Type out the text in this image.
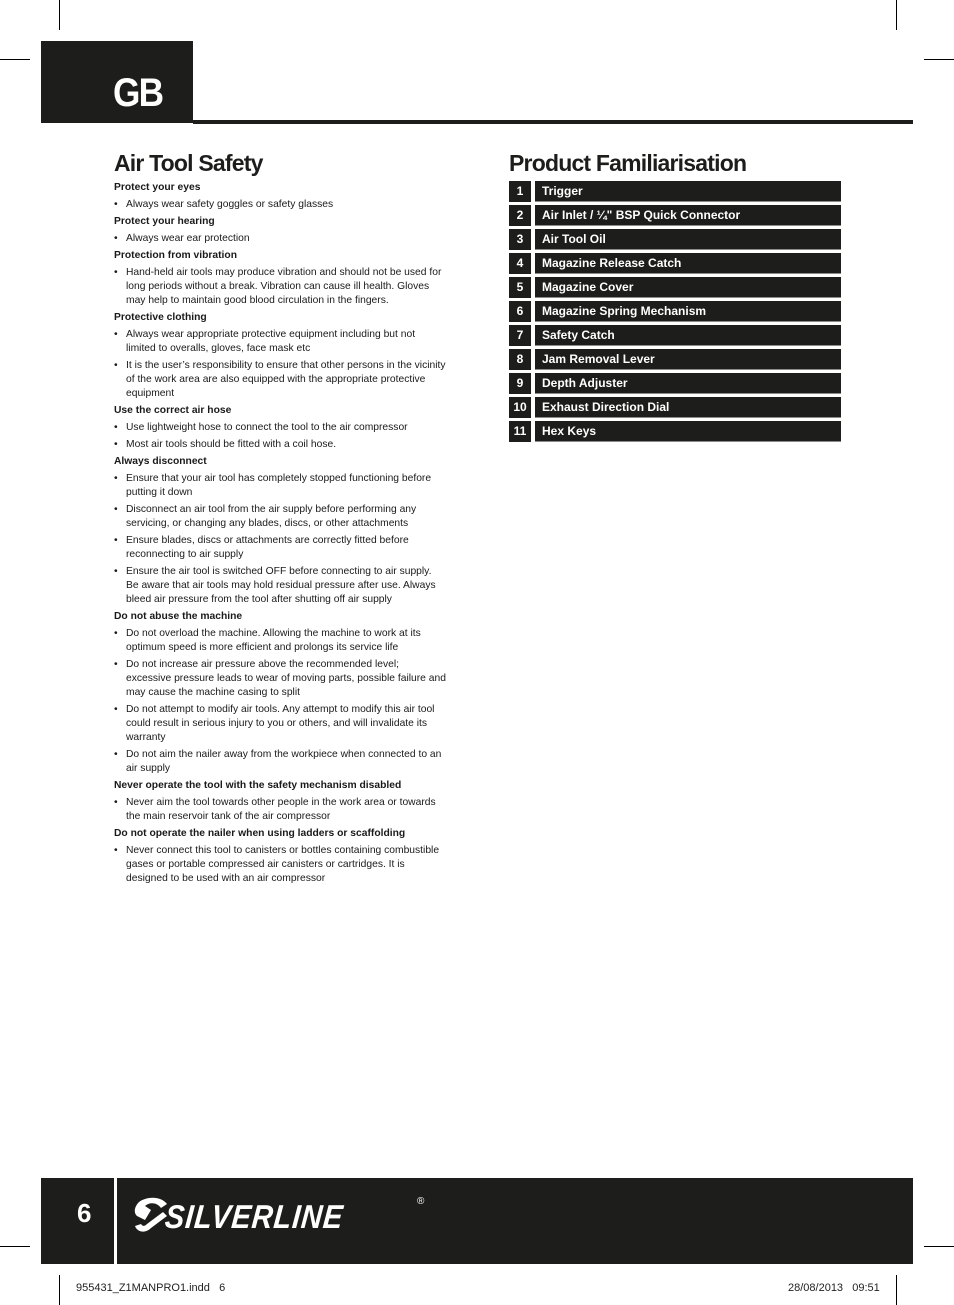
GB
Air Tool Safety
Protect your eyes
• Always wear safety goggles or safety glasses
Protect your hearing
• Always wear ear protection
Protection from vibration
• Hand-held air tools may produce vibration and should not be used for long periods without a break. Vibration can cause ill health. Gloves may help to maintain good blood circulation in the fingers.
Protective clothing
• Always wear appropriate protective equipment including but not limited to overalls, gloves, face mask etc
• It is the user’s responsibility to ensure that other persons in the vicinity of the work area are also equipped with the appropriate protective equipment
Use the correct air hose
• Use lightweight hose to connect the tool to the air compressor
• Most air tools should be fitted with a coil hose.
Always disconnect
• Ensure that your air tool has completely stopped functioning before putting it down
• Disconnect an air tool from the air supply before performing any servicing, or changing any blades, discs, or other attachments
• Ensure blades, discs or attachments are correctly fitted before reconnecting to air supply
• Ensure the air tool is switched OFF before connecting to air supply. Be aware that air tools may hold residual pressure after use. Always bleed air pressure from the tool after shutting off air supply
Do not abuse the machine
• Do not overload the machine. Allowing the machine to work at its optimum speed is more efficient and prolongs its service life
• Do not increase air pressure above the recommended level; excessive pressure leads to wear of moving parts, possible failure and may cause the machine casing to split
• Do not attempt to modify air tools. Any attempt to modify this air tool could result in serious injury to you or others, and will invalidate its warranty
• Do not aim the nailer away from the workpiece when connected to an air supply
Never operate the tool with the safety mechanism disabled
• Never aim the tool towards other people in the work area or towards the main reservoir tank of the air compressor
Do not operate the nailer when using ladders or scaffolding
• Never connect this tool to canisters or bottles containing combustible gases or portable compressed air canisters or cartridges. It is designed to be used with an air compressor
Product Familiarisation
1	Trigger
2	Air Inlet / ¼" BSP Quick Connector
3	Air Tool Oil
4	Magazine Release Catch
5	Magazine Cover
6	Magazine Spring Mechanism
7	Safety Catch
8	Jam Removal Lever
9	Depth Adjuster
10	Exhaust Direction Dial
11	Hex Keys
6 SILVERLINE	®
955431_Z1MANPRO1.indd   6	28/08/2013   09:51
